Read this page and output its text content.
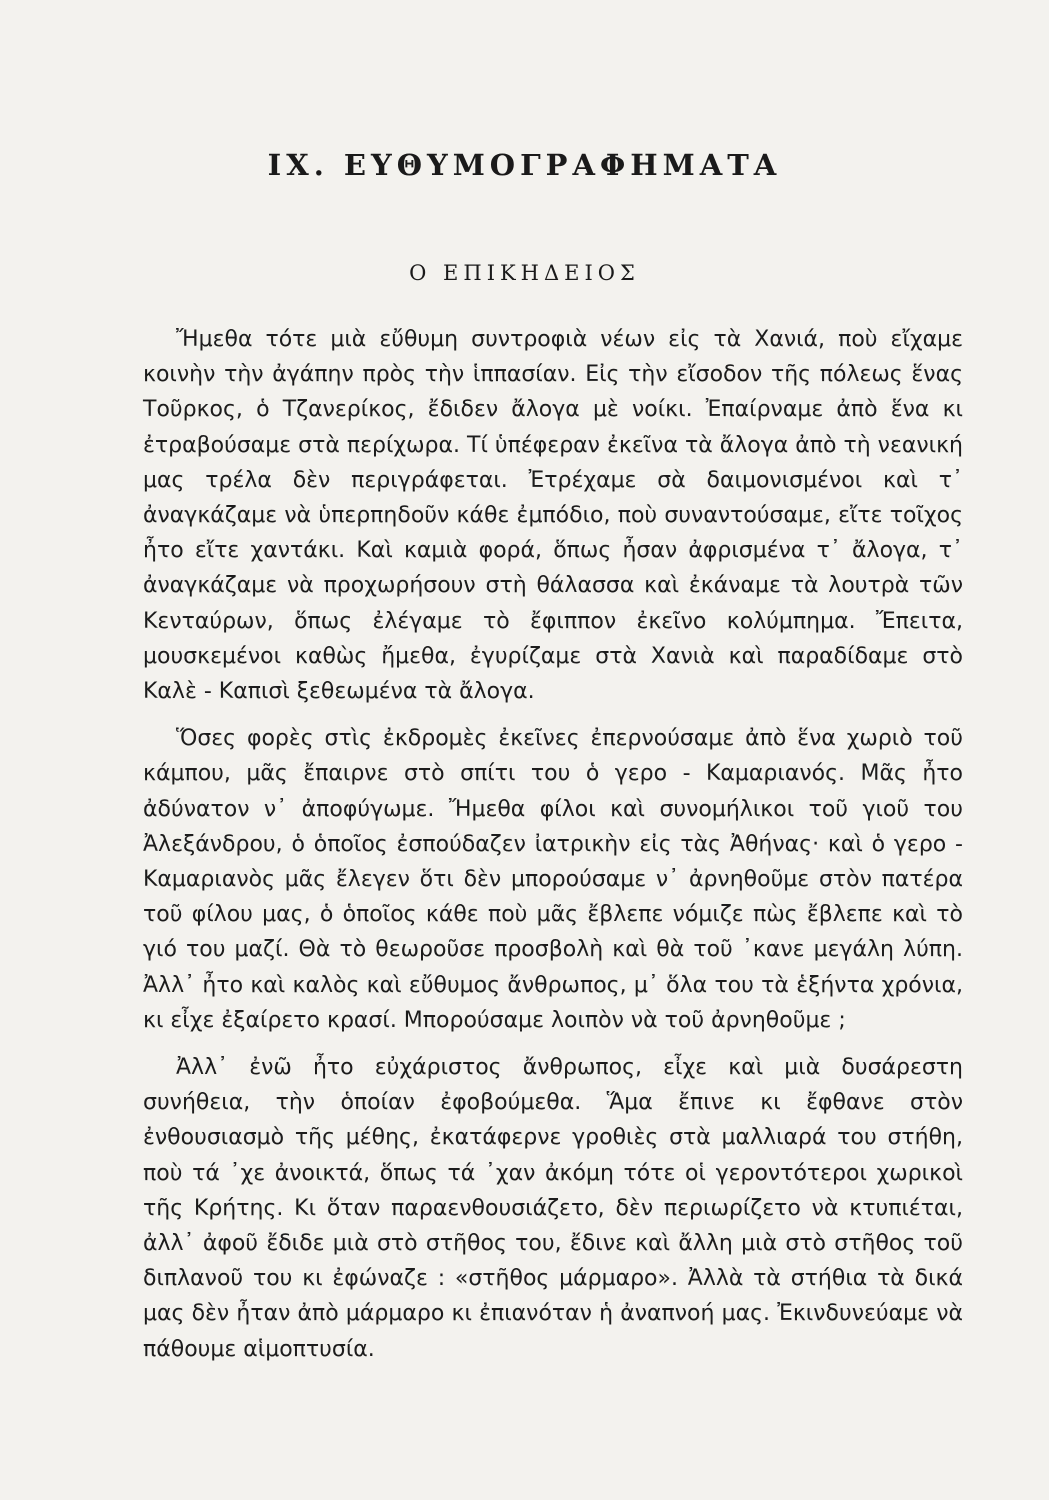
IX. ΕΥΘΥΜΟΓΡΑΦΗΜΑΤΑ
Ο ΕΠΙΚΗΔΕΙΟΣ

Ἤμεθα τότε μιὰ εὔθυμη συντροφιὰ νέων εἰς τὰ Χανιά, ποὺ εἴχαμε κοινὴν τὴν ἀγάπην πρὸς τὴν ἱππασίαν. Εἰς τὴν εἴσοδον τῆς πόλεως ἕνας Τοῦρκος, ὁ Τζανερίκος, ἔδιδεν ἄλογα μὲ νοίκι. Ἐπαίρναμε ἀπὸ ἕνα κι ἐτραβούσαμε στὰ περίχωρα. Τί ὑπέφεραν ἐκεῖνα τὰ ἄλογα ἀπὸ τὴ νεανική μας τρέλα δὲν περιγράφεται. Ἐτρέχαμε σὰ δαιμονισμένοι καὶ τ᾽ ἀναγκάζαμε νὰ ὑπερπηδοῦν κάθε ἐμπόδιο, ποὺ συναντούσαμε, εἴτε τοῖχος ἦτο εἴτε χαντάκι. Καὶ καμιὰ φορά, ὅπως ἦσαν ἀφρισμένα τ᾽ ἄλογα, τ᾽ ἀναγκάζαμε νὰ προχωρήσουν στὴ θάλασσα καὶ ἐκάναμε τὰ λουτρὰ τῶν Κενταύρων, ὅπως ἐλέγαμε τὸ ἔφιππον ἐκεῖνο κολύμπημα. Ἔπειτα, μουσκεμένοι καθὼς ἤμεθα, ἐγυρίζαμε στὰ Χανιὰ καὶ παραδίδαμε στὸ Καλὲ - Καπισὶ ξεθεωμένα τὰ ἄλογα.

Ὅσες φορὲς στὶς ἐκδρομὲς ἐκεῖνες ἐπερνούσαμε ἀπὸ ἕνα χωριὸ τοῦ κάμπου, μᾶς ἔπαιρνε στὸ σπίτι του ὁ γερο - Καμαριανός. Μᾶς ἦτο ἀδύνατον ν᾽ ἀποφύγωμε. Ἤμεθα φίλοι καὶ συνομήλικοι τοῦ γιοῦ του Ἀλεξάνδρου, ὁ ὁποῖος ἐσπούδαζεν ἰατρικὴν εἰς τὰς Ἀθήνας· καὶ ὁ γερο - Καμαριανὸς μᾶς ἔλεγεν ὅτι δὲν μπορούσαμε ν᾽ ἀρνηθοῦμε στὸν πατέρα τοῦ φίλου μας, ὁ ὁποῖος κάθε ποὺ μᾶς ἔβλεπε νόμιζε πὼς ἔβλεπε καὶ τὸ γιό του μαζί. Θὰ τὸ θεωροῦσε προσβολὴ καὶ θὰ τοῦ ᾽κανε μεγάλη λύπη. Ἀλλ᾽ ἦτο καὶ καλὸς καὶ εὔθυμος ἄνθρωπος, μ᾽ ὅλα του τὰ ἑξήντα χρόνια, κι εἶχε ἐξαίρετο κρασί. Μπορούσαμε λοιπὸν νὰ τοῦ ἀρνηθοῦμε ;

Ἀλλ᾽ ἐνῶ ἦτο εὐχάριστος ἄνθρωπος, εἶχε καὶ μιὰ δυσάρεστη συνήθεια, τὴν ὁποίαν ἐφοβούμεθα. Ἅμα ἔπινε κι ἔφθανε στὸν ἐνθουσιασμὸ τῆς μέθης, ἐκατάφερνε γροθιὲς στὰ μαλλιαρά του στήθη, ποὺ τά ᾽χε ἀνοικτά, ὅπως τά ᾽χαν ἀκόμη τότε οἱ γεροντότεροι χωρικοὶ τῆς Κρήτης. Κι ὅταν παραενθουσιάζετο, δὲν περιωρίζετο νὰ κτυπιέται, ἀλλ᾽ ἀφοῦ ἔδιδε μιὰ στὸ στῆθος του, ἔδινε καὶ ἄλλη μιὰ στὸ στῆθος τοῦ διπλανοῦ του κι ἐφώναζε : «στῆθος μάρμαρο». Ἀλλὰ τὰ στήθια τὰ δικά μας δὲν ἦταν ἀπὸ μάρμαρο κι ἐπιανόταν ἡ ἀναπνοή μας. Ἐκινδυνεύαμε νὰ πάθουμε αἱμοπτυσία.
